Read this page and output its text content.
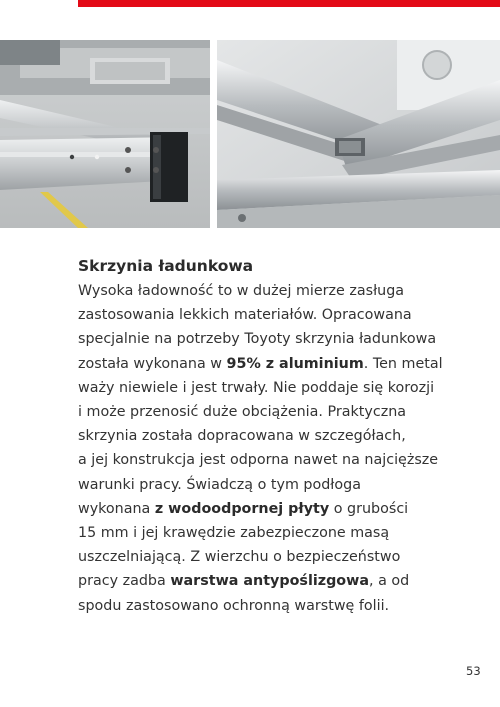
Skrzynia ładunkowa
Wysoka ładowność to w dużej mierze zasługa
zastosowania lekkich materiałów. Opracowana
specjalnie na potrzeby Toyoty skrzynia ładunkowa
została wykonana w 95% z aluminium. Ten metal
waży niewiele i jest trwały. Nie poddaje się korozji
i może przenosić duże obciążenia. Praktyczna
skrzynia została dopracowana w szczegółach,
a jej konstrukcja jest odporna nawet na najcięższe
warunki pracy. Świadczą o tym podłoga
wykonana z wodoodpornej płyty o grubości
15 mm i jej krawędzie zabezpieczone masą
uszczelniającą. Z wierzchu o bezpieczeństwo
pracy zadba warstwa antypoślizgowa, a od
spodu zastosowano ochronną warstwę folii.
53
